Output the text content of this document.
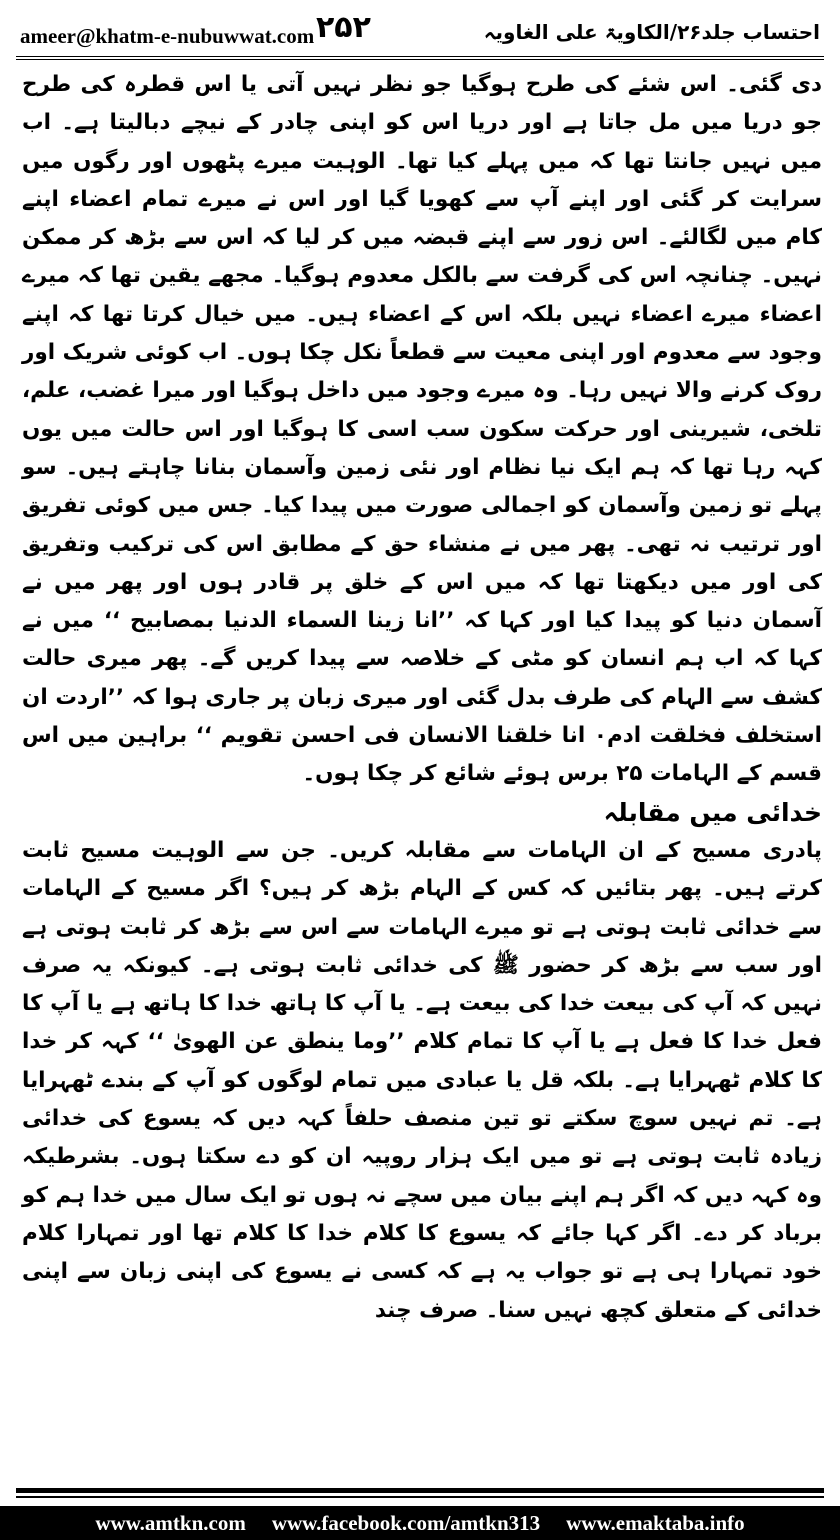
ameer@khatm-e-nubuwwat.com ۲۵۲	احتساب جلد۲۶/الکاویۃ علی الغاویہ

دی گئی۔ اس شئے کی طرح ہوگیا جو نظر نہیں آتی یا اس قطرہ کی طرح جو دریا میں مل جاتا ہے اور دریا اس کو اپنی چادر کے نیچے دبالیتا ہے۔ اب میں نہیں جانتا تھا کہ میں پہلے کیا تھا۔ الوہیت میرے پٹھوں اور رگوں میں سرایت کر گئی اور اپنے آپ سے کھویا گیا اور اس نے میرے تمام اعضاء اپنے کام میں لگالئے۔ اس زور سے اپنے قبضہ میں کر لیا کہ اس سے بڑھ کر ممکن نہیں۔ چنانچہ اس کی گرفت سے بالکل معدوم ہوگیا۔ مجھے یقین تھا کہ میرے اعضاء میرے اعضاء نہیں بلکہ اس کے اعضاء ہیں۔ میں خیال کرتا تھا کہ اپنے وجود سے معدوم اور اپنی معیت سے قطعاً نکل چکا ہوں۔ اب کوئی شریک اور روک کرنے والا نہیں رہا۔ وہ میرے وجود میں داخل ہوگیا اور میرا غضب، علم، تلخی، شیرینی اور حرکت سکون سب اسی کا ہوگیا اور اس حالت میں یوں کہہ رہا تھا کہ ہم ایک نیا نظام اور نئی زمین وآسمان بنانا چاہتے ہیں۔ سو پہلے تو زمین وآسمان کو اجمالی صورت میں پیدا کیا۔ جس میں کوئی تفریق اور ترتیب نہ تھی۔ پھر میں نے منشاء حق کے مطابق اس کی ترکیب وتفریق کی اور میں دیکھتا تھا کہ میں اس کے خلق پر قادر ہوں اور پھر میں نے آسمان دنیا کو پیدا کیا اور کہا کہ ’’انا زینا السماء الدنیا بمصابیح ‘‘ میں نے کہا کہ اب ہم انسان کو مٹی کے خلاصہ سے پیدا کریں گے۔ پھر میری حالت کشف سے الہام کی طرف بدل گئی اور میری زبان پر جاری ہوا کہ ’’اردت ان استخلف فخلقت ادم۰ انا خلقنا الانسان فی احسن تقویم ‘‘ براہین میں اس قسم کے الہامات ۲۵ برس ہوئے شائع کر چکا ہوں۔

خدائی میں مقابلہ

پادری مسیح کے ان الہامات سے مقابلہ کریں۔ جن سے الوہیت مسیح ثابت کرتے ہیں۔ پھر بتائیں کہ کس کے الہام بڑھ کر ہیں؟ اگر مسیح کے الہامات سے خدائی ثابت ہوتی ہے تو میرے الہامات سے اس سے بڑھ کر ثابت ہوتی ہے اور سب سے بڑھ کر حضور ﷺ کی خدائی ثابت ہوتی ہے۔ کیونکہ یہ صرف نہیں کہ آپ کی بیعت خدا کی بیعت ہے۔ یا آپ کا ہاتھ خدا کا ہاتھ ہے یا آپ کا فعل خدا کا فعل ہے یا آپ کا تمام کلام ’’وما ینطق عن الھویٰ ‘‘ کہہ کر خدا کا کلام ٹھہرایا ہے۔ بلکہ قل یا عبادی میں تمام لوگوں کو آپ کے بندے ٹھہرایا ہے۔ تم نہیں سوچ سکتے تو تین منصف حلفاً کہہ دیں کہ یسوع کی خدائی زیادہ ثابت ہوتی ہے تو میں ایک ہزار روپیہ ان کو دے سکتا ہوں۔ بشرطیکہ وہ کہہ دیں کہ اگر ہم اپنے بیان میں سچے نہ ہوں تو ایک سال میں خدا ہم کو برباد کر دے۔ اگر کہا جائے کہ یسوع کا کلام خدا کا کلام تھا اور تمہارا کلام خود تمہارا ہی ہے تو جواب یہ ہے کہ کسی نے یسوع کی اپنی زبان سے اپنی خدائی کے متعلق کچھ نہیں سنا۔ صرف چند

www.amtkn.com www.facebook.com/amtkn313 www.emaktaba.info
